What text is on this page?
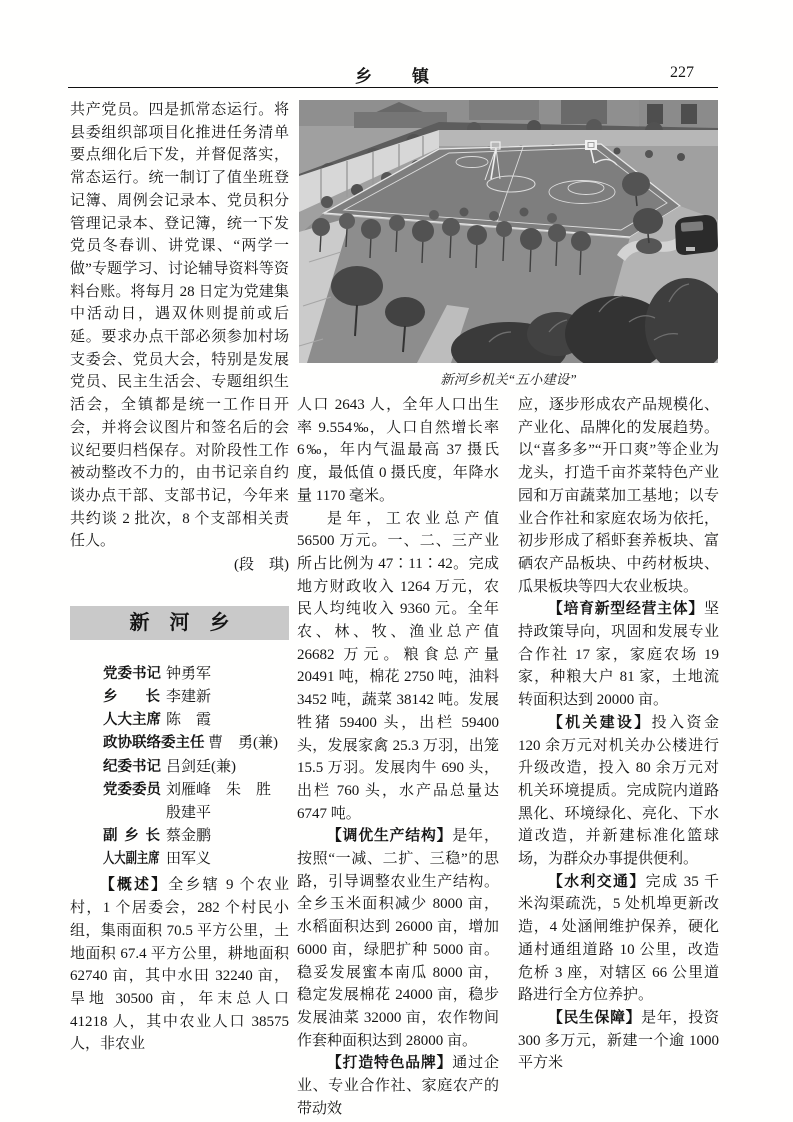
乡　　镇	227

共产党员。四是抓常态运行。将县委组织部项目化推进任务清单要点细化后下发，并督促落实，常态运行。统一制订了值坐班登记簿、周例会记录本、党员积分管理记录本、登记簿，统一下发党员冬春训、讲党课、“两学一做”专题学习、讨论辅导资料等资料台账。将每月 28 日定为党建集中活动日，遇双休则提前或后延。要求办点干部必须参加村场支委会、党员大会，特别是发展党员、民主生活会、专题组织生活会，全镇都是统一工作日开会，并将会议图片和签名后的会议纪要归档保存。对阶段性工作被动整改不力的，由书记亲自约谈办点干部、支部书记，今年来共约谈 2 批次，8 个支部相关责任人。

(段　琪)

新　河　乡
党委书记 钟勇军
乡长 李建新
人大主席 陈　霞
政协联络委主任 曹　勇(兼)
纪委书记 吕剑廷(兼)
党委委员 刘雁峰　朱　胜
殷建平
副乡长 蔡金鹏
人大副主席 田军义

【概述】全乡辖 9 个农业村，1 个居委会，282 个村民小组，集雨面积 70.5 平方公里，土地面积 67.4 平方公里，耕地面积 62740 亩，其中水田 32240 亩，旱地 30500 亩，年末总人口 41218 人，其中农业人口 38575 人，非农业

新河乡机关“五小建设”

人口 2643 人，全年人口出生率 9.554‰，人口自然增长率 6‰，年内气温最高 37 摄氏度，最低值 0 摄氏度，年降水量 1170 毫米。

是年，工农业总产值 56500 万元。一、二、三产业所占比例为 47∶11∶42。完成地方财政收入 1264 万元，农民人均纯收入 9360 元。全年农、林、牧、渔业总产值 26682 万元。粮食总产量 20491 吨，棉花 2750 吨，油料 3452 吨，蔬菜 38142 吨。发展牲猪 59400 头，出栏 59400 头，发展家禽 25.3 万羽，出笼 15.5 万羽。发展肉牛 690 头，出栏 760 头，水产品总量达 6747 吨。

【调优生产结构】是年，按照“一减、二扩、三稳”的思路，引导调整农业生产结构。全乡玉米面积减少 8000 亩，水稻面积达到 26000 亩，增加 6000 亩，绿肥扩种 5000 亩。稳妥发展蜜本南瓜 8000 亩，稳定发展棉花 24000 亩，稳步发展油菜 32000 亩，农作物间作套种面积达到 28000 亩。

【打造特色品牌】通过企业、专业合作社、家庭农产的带动效

应，逐步形成农产品规模化、产业化、品牌化的发展趋势。以“喜多多”“开口爽”等企业为龙头，打造千亩芥菜特色产业园和万亩蔬菜加工基地；以专业合作社和家庭农场为依托，初步形成了稻虾套养板块、富硒农产品板块、中药材板块、瓜果板块等四大农业板块。

【培育新型经营主体】坚持政策导向，巩固和发展专业合作社 17 家，家庭农场 19 家，种粮大户 81 家，土地流转面积达到 20000 亩。

【机关建设】投入资金 120 余万元对机关办公楼进行升级改造，投入 80 余万元对机关环境提质。完成院内道路黑化、环境绿化、亮化、下水道改造，并新建标准化篮球场，为群众办事提供便利。

【水利交通】完成 35 千米沟渠疏洗，5 处机埠更新改造，4 处涵闸维护保养，硬化通村通组道路 10 公里，改造危桥 3 座，对辖区 66 公里道路进行全方位养护。

【民生保障】是年，投资 300 多万元，新建一个逾 1000 平方米
